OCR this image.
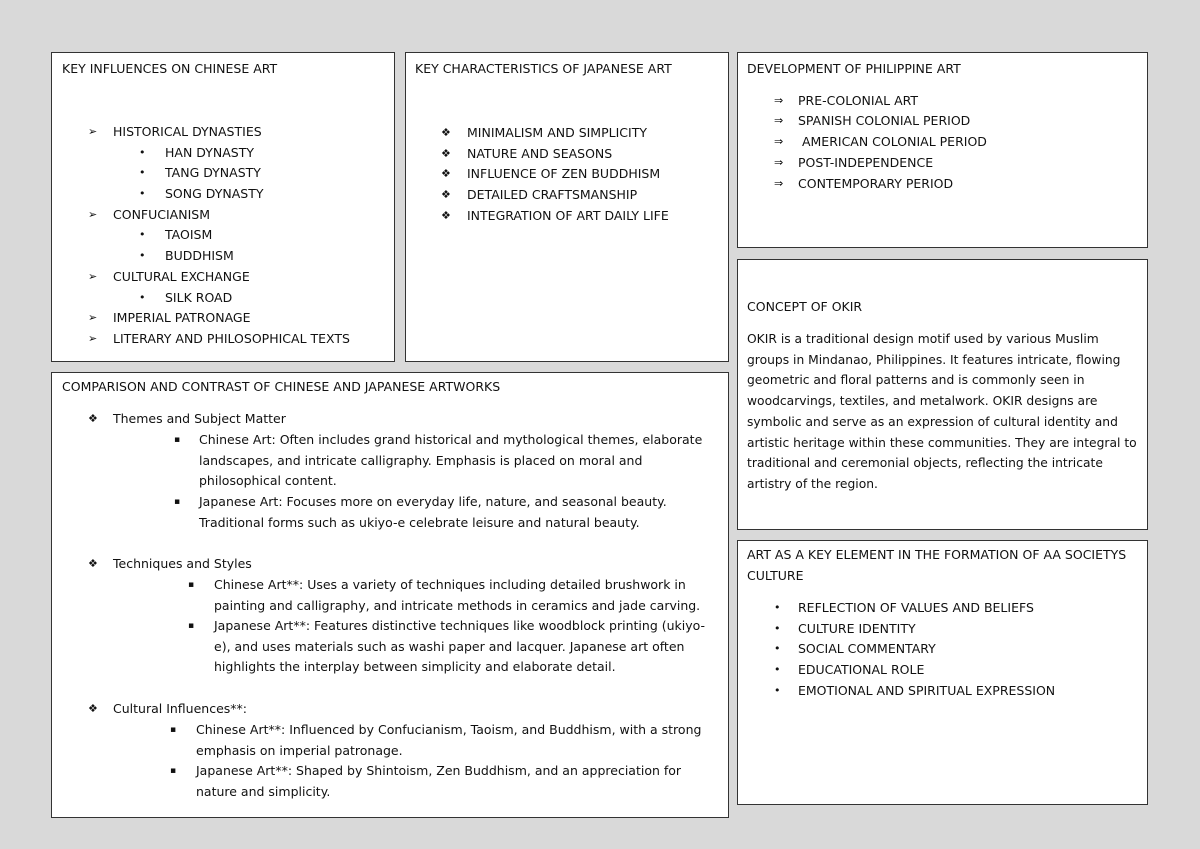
KEY INFLUENCES ON CHINESE ART
➢ HISTORICAL DYNASTIES
• HAN DYNASTY
• TANG DYNASTY
• SONG DYNASTY
➢ CONFUCIANISM
• TAOISM
• BUDDHISM
➢ CULTURAL EXCHANGE
• SILK ROAD
➢ IMPERIAL PATRONAGE
➢ LITERARY AND PHILOSOPHICAL TEXTS
KEY CHARACTERISTICS OF JAPANESE ART
❖ MINIMALISM AND SIMPLICITY
❖ NATURE AND SEASONS
❖ INFLUENCE OF ZEN BUDDHISM
❖ DETAILED CRAFTSMANSHIP
❖ INTEGRATION OF ART DAILY LIFE
DEVELOPMENT OF PHILIPPINE ART
⇒ PRE-COLONIAL ART
⇒ SPANISH COLONIAL PERIOD
⇒ AMERICAN COLONIAL PERIOD
⇒ POST-INDEPENDENCE
⇒ CONTEMPORARY PERIOD
CONCEPT OF OKIR
OKIR is a traditional design motif used by various Muslim groups in Mindanao, Philippines. It features intricate, flowing geometric and floral patterns and is commonly seen in woodcarvings, textiles, and metalwork. OKIR designs are symbolic and serve as an expression of cultural identity and artistic heritage within these communities. They are integral to traditional and ceremonial objects, reflecting the intricate artistry of the region.
ART AS A KEY ELEMENT IN THE FORMATION OF AA SOCIETYS CULTURE
• REFLECTION OF VALUES AND BELIEFS
• CULTURE IDENTITY
• SOCIAL COMMENTARY
• EDUCATIONAL ROLE
• EMOTIONAL AND SPIRITUAL EXPRESSION
COMPARISON AND CONTRAST OF CHINESE AND JAPANESE ARTWORKS
❖ Themes and Subject Matter
▪ Chinese Art: Often includes grand historical and mythological themes, elaborate landscapes, and intricate calligraphy. Emphasis is placed on moral and philosophical content.
▪ Japanese Art: Focuses more on everyday life, nature, and seasonal beauty. Traditional forms such as ukiyo-e celebrate leisure and natural beauty.
❖ Techniques and Styles
▪ Chinese Art**: Uses a variety of techniques including detailed brushwork in painting and calligraphy, and intricate methods in ceramics and jade carving.
▪ Japanese Art**: Features distinctive techniques like woodblock printing (ukiyo-e), and uses materials such as washi paper and lacquer. Japanese art often highlights the interplay between simplicity and elaborate detail.
❖ Cultural Influences**:
▪ Chinese Art**: Influenced by Confucianism, Taoism, and Buddhism, with a strong emphasis on imperial patronage.
▪ Japanese Art**: Shaped by Shintoism, Zen Buddhism, and an appreciation for nature and simplicity.
